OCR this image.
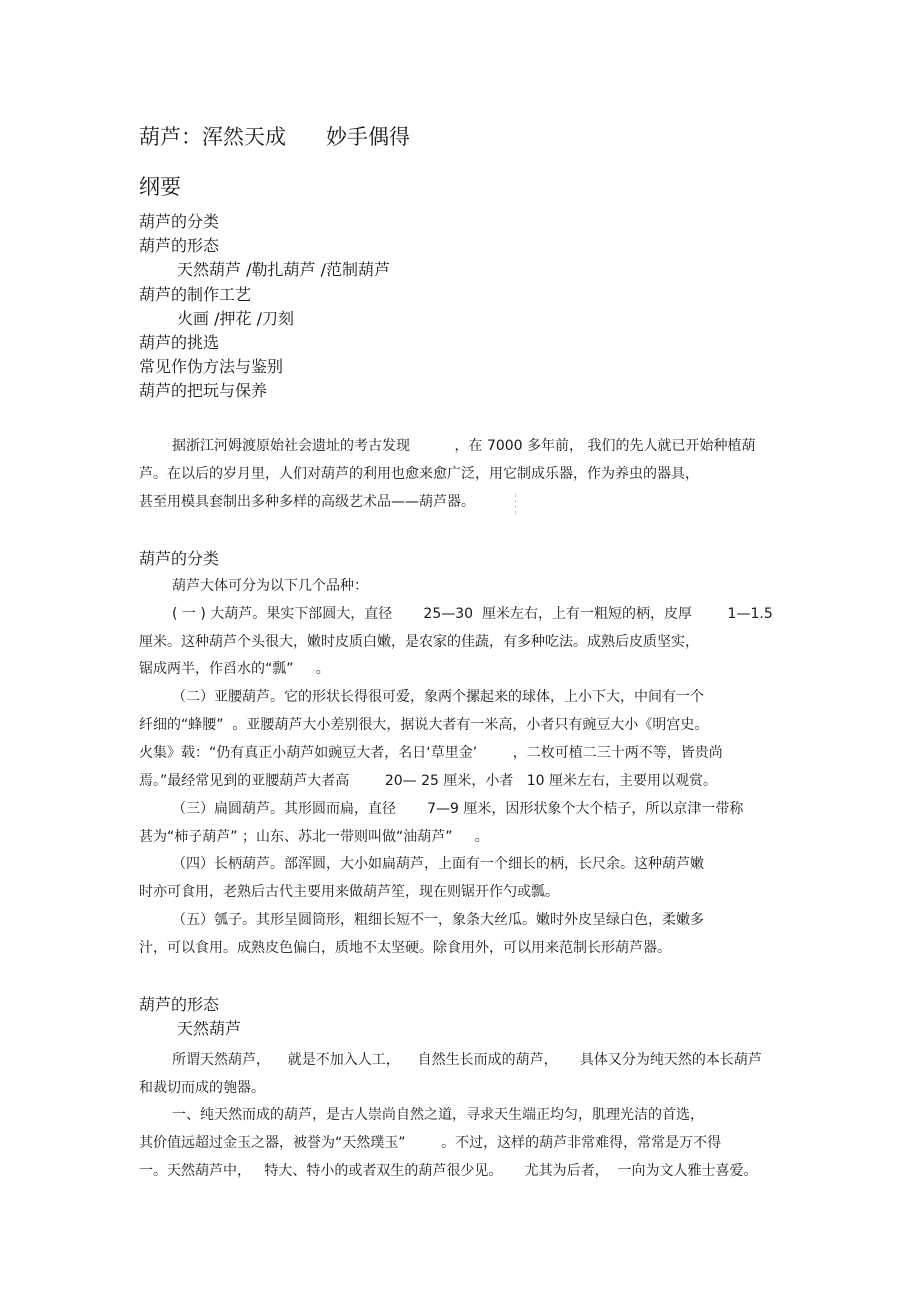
葫芦：浑然天成      妙手偶得
纲要
葫芦的分类
葫芦的形态
天然葫芦 /勒扎葫芦 /范制葫芦
葫芦的制作工艺
火画 /押花 /刀刻
葫芦的挑选
常见作伪方法与鉴别
葫芦的把玩与保养
据浙江河姆渡原始社会遗址的考古发现          ，在 7000 多年前， 我们的先人就已开始种植葫
芦。在以后的岁月里，人们对葫芦的利用也愈来愈广泛，用它制成乐器，作为养虫的器具，
甚至用模具套制出多种多样的高级艺术品——葫芦器。
葫芦的分类
葫芦大体可分为以下几个品种：
( 一 ) 大葫芦。果实下部圆大，直径       25—30  厘米左右，上有一粗短的柄，皮厚        1—1.5
厘米。这种葫芦个头很大，嫩时皮质白嫩，是农家的佳蔬，有多种吃法。成熟后皮质坚实，
锯成两半，作舀水的“瓢”     。
（二）亚腰葫芦。它的形状长得很可爱，象两个摞起来的球体，上小下大，中间有一个
纤细的“蜂腰”  。亚腰葫芦大小差别很大，据说大者有一米高，小者只有豌豆大小《明宫史。
火集》载：“仍有真正小葫芦如豌豆大者，名日‘草里金’        ，二枚可植二三十两不等，皆贵尚
焉。”最经常见到的亚腰葫芦大者高        20— 25 厘米，小者   10 厘米左右，主要用以观赏。
（三）扁圆葫芦。其形圆而扁，直径       7—9 厘米，因形状象个大个桔子，所以京津一带称
甚为“柿子葫芦” ；山东、苏北一带则叫做“油葫芦”     。
（四）长柄葫芦。部浑圆，大小如扁葫芦，上面有一个细长的柄，长尺余。这种葫芦嫩
时亦可食用，老熟后古代主要用来做葫芦笙，现在则锯开作勺或瓢。
（五）瓠子。其形呈圆筒形，粗细长短不一，象条大丝瓜。嫩时外皮呈绿白色，柔嫩多
汁，可以食用。成熟皮色偏白，质地不太坚硬。除食用外，可以用来范制长形葫芦器。
葫芦的形态
天然葫芦
所谓天然葫芦，    就是不加入人工，    自然生长而成的葫芦，     具体又分为纯天然的本长葫芦
和裁切而成的匏器。
一、纯天然而成的葫芦，是古人崇尚自然之道，寻求天生端正均匀，肌理光洁的首选，
其价值远超过金玉之器，被誉为“天然璞玉”        。不过，这样的葫芦非常难得，常常是万不得
一。天然葫芦中，   特大、特小的或者双生的葫芦很少见。     尤其为后者，  一向为文人雅士喜爱。
